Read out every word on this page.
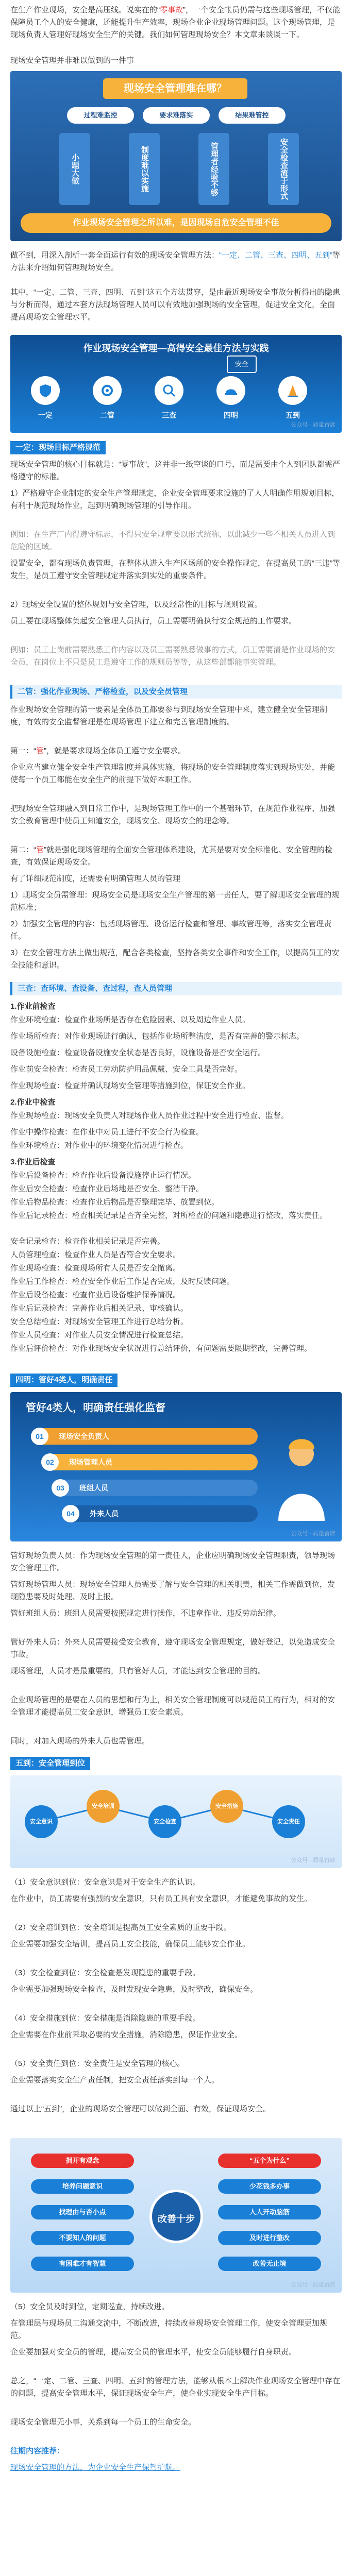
在生产作业现场，安全是高压线。说实在的“零事故”，一个安全帐员仍需与这些现场管理，不仅能保障员工个人的安全健康，还能提升生产效率，现场企业企业现场管理问题。这个现场管理，是现场负责人管理好现场安全生产的关键。我们如何管理现场安全？本文章来谈谈一下。
现场安全管理并非难以做到的一件事
现场安全管理难在哪？
过程难监控	要求难落实	结果难管控
小题大做	制度难以实施	管理者经验不够	安全检查流于形式
作业现场安全管理之所以难，是因现场自危安全管理不佳
做不到，用深入剖析一套全面运行有效的现场安全管理方法：“一定、二管、三查、四明、五到”等方法来介绍如何管理现场安全。
其中，“一定、二管、三查、四明、五到”这五个方法贯穿，是由最近现场安全事故分析得出的隐患与分析而得，通过本套方法现场管理人员可以有效地加强现场的安全管理，促进安全文化，全面提高现场安全管理水平。
作业现场安全管理—高得安全最佳方法与实践
一定	二管	三查	四明	五到
安全
公众号 · 质量首席
一定：现场目标严格规范
现场安全管理的核心目标就是：“零事故”，这并非一纸空谈的口号，而是需要由个人到团队都需严格遵守的标准。
1）严格遵守企业制定的安全生产管理规定，企业安全管理要求设施的了人人明确作用规划目标，有利于规范现场作业，起到明确现场管理的引导作用。
例如：在生产厂内得遵守标志，不得只安全规章要以形式统称，以此减少一些不相关人员进入到危险的区域。
设置安全，都有现场负责管理，在整体从进入生产区场所的安全操作规定，在提高员工的“三违”等发生，是员工遵守安全管理规定并落实到实处的重要条件。
2）现场安全设置的整体规划与安全管理，以及经常性的目标与规则设置。
员工要在现场整体负起安全管理人员执行，员工需要明确执行安全规范的工作要求。
例如：员工上岗前需要熟悉工作内容以及员工需要熟悉做事的方式，员工需要清楚作业现场的安全员，在岗位上不只是员工是遵守工作的规则员等等，从这些部都能事实管理。
二管：强化作业现场、严格检查，以及安全员管理
作业现场安全管理的第一要素是全体员工都要参与到现场安全管理中来，建立健全安全管理制度，有效的安全监督管理是在现场管理下建立和完善管理制度的。
第一：“管”，就是要求现场全体员工遵守安全要求。
企业应当建立健全安全生产管理制度并具体实施，将现场的安全管理制度落实到现场实处，并能使每一个员工都能在安全生产的前提下做好本职工作。
把现场安全管理融入到日常工作中，是现场管理工作中的一个基础环节，在规范作业程序、加强安全教育管理中使员工知道安全，现场安全、现场安全的理念等。
第二：“管”就是强化现场管理的全面安全管理体系建设，尤其是要对安全标准化、安全管理的检查，有效保证现场安全。
有了详细规范制度，还需要有明确管理人员的管理
1）现场安全员需管理：现场安全员是现场安全生产管理的第一责任人，要了解现场安全管理的规范标准；
2）加强安全管理的内容：包括现场管理、设备运行检查和管理、事故管理等，落实安全管理责任。
3）在安全管理方法上做出规范，配合各类检查，坚持各类安全事件和安全工作，以提高员工的安全技能和意识。
三查：查环境、查设备、查过程，查人员管理
1.作业前检查
作业环境检查：检查作业场所是否存在危险因素、以及周边作业人员。
作业场所检查：对作业现场进行确认，包括作业场所整洁度，是否有完善的警示标志。
设备设施检查：检查设备设施安全状态是否良好，设施设备是否安全运行。
作业前安全检查：检查员工劳动防护用品佩戴、安全工具是否完好。
作业现场检查：检查并确认现场安全管理等措施到位，保证安全作业。
2.作业中检查
作业现场检查：现场安全负责人对现场作业人员作业过程中安全进行检查、监督。
作业中操作检查：在作业中对员工进行不安全行为检查。
作业环境检查：对作业中的环境变化情况进行检查。
3.作业后检查
作业后设备检查：检查作业后设备设施停止运行情况。
作业后安全检查：检查作业后场地是否安全、整洁干净。
作业后物品检查：检查作业后物品是否整理完毕、放置到位。
作业后记录检查：检查相关记录是否齐全完整，对所检查的问题和隐患进行整改，落实责任。
安全记录检查：检查作业相关记录是否完善。
人员管理检查：检查作业人员是否符合安全要求。
作业现场检查：检查现场所有人员是否安全撤离。
作业后工作检查：检查安全作业后工作是否完成，及时反馈问题。
作业后设备检查：检查作业后设备维护保养情况。
作业后记录检查：完善作业后相关记录、审核确认。
安全总结检查：对现场安全管理工作进行总结分析。
作业人员检查：对作业人员安全情况进行检查总结。
作业后评价检查：对作业现场安全状况进行总结评价，有问题需要限期整改，完善管理。
四明：管好4类人，明确责任
管好4类人，明确责任强化监督
现场安全负责人
01
现场管理人员
02
班组人员
03
外来人员
04
公众号 · 质量首席
管好现场负责人员：作为现场安全管理的第一责任人，企业应明确现场安全管理职责，领导现场安全管理工作。
管好现场管理人员：现场安全管理人员需要了解与安全管理的相关职责，相关工作需做到位，发现隐患要及时处理、及时上报。
管好班组人员：班组人员需要按照规定进行操作，不违章作业、违反劳动纪律。
管好外来人员：外来人员需要接受安全教育，遵守现场安全管理规定，做好登记，以免造成安全事故。
现场管理，人员才是最重要的，只有管好人员，才能达到安全管理的目的。
企业现场管理的是要在人员的思想和行为上，相关安全管理制度可以规范员工的行为，相对的安全管理才能提高员工安全意识，增强员工安全素质。
同时，对加入现场的外来人员也需管理。
五到：安全管理到位
安全意识
安全培训
安全检查
安全措施
安全责任
公众号 · 质量首席
（1）安全意识到位：安全意识是对于安全生产的认识。
在作业中，员工需要有强烈的安全意识，只有员工具有安全意识，才能避免事故的发生。
（2）安全培训到位：安全培训是提高员工安全素质的重要手段。
企业需要加强安全培训，提高员工安全技能，确保员工能够安全作业。
（3）安全检查到位：安全检查是发现隐患的重要手段。
企业需要加强现场安全检查，及时发现安全隐患，及时整改，确保安全。
（4）安全措施到位：安全措施是消除隐患的重要手段。
企业需要在作业前采取必要的安全措施，消除隐患，保证作业安全。
（5）安全责任到位：安全责任是安全管理的核心。
企业需要落实安全生产责任制，把安全责任落实到每一个人。
通过以上“五到”，企业的现场安全管理可以做到全面、有效，保证现场安全。
改善十步
拥开有观念
培养问题意识
找理由与否小点
不要知人的问题
有困难才有智慧
“五个为什么”
少花钱多办事
人人开动脑筋
及时进行整改
改善无止境
公众号 · 质量首席
（5）安全员及时到位，定期巡查，持续改进。
在管理层与现场员工沟通交流中，不断改进，持续改善现场安全管理工作，使安全管理更加规范。
企业要加强对安全员的管理，提高安全员的管理水平，使安全员能够履行自身职责。
总之，“一定、二管、三查、四明、五到”的管理方法，能够从根本上解决作业现场安全管理中存在的问题，提高安全管理水平，保证现场安全生产，使企业实现安全生产目标。
现场安全管理无小事，关系到每一个员工的生命安全。
往期内容推荐：
现场安全管理的方法，为企业安全生产保驾护航。
